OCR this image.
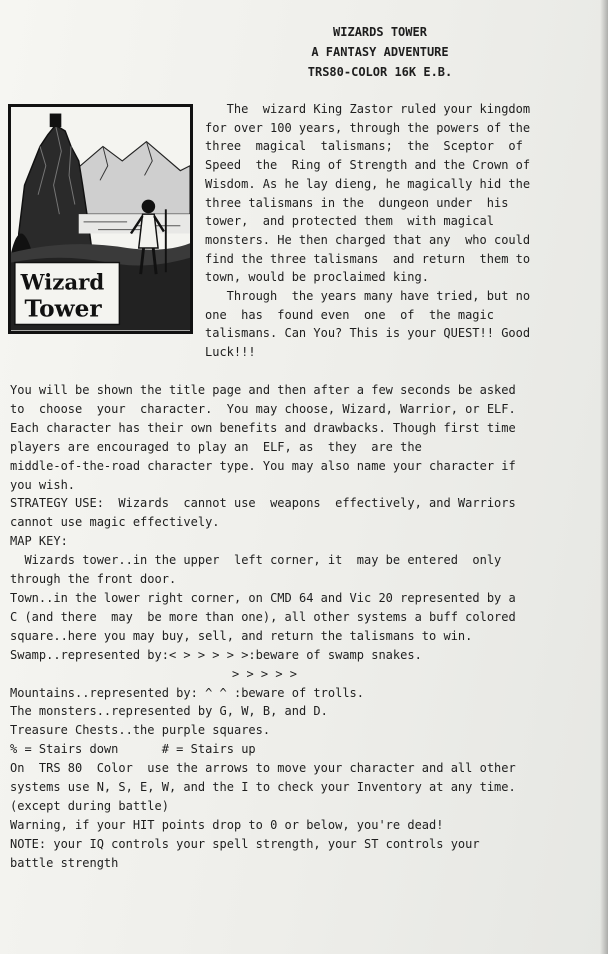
WIZARDS TOWER
A FANTASY ADVENTURE
TRS80-COLOR 16K E.B.
Wizard
Tower

The  wizard King Zastor ruled your kingdom

for over 100 years, through the powers of the

three  magical  talismans;  the  Sceptor  of

Speed  the  Ring of Strength and the Crown of

Wisdom. As he lay dieng, he magically hid the

three talismans in the  dungeon under  his

tower,  and protected them  with magical

monsters. He then charged that any  who could

find the three talismans  and return  them to

town, would be proclaimed king.

Through  the years many have tried, but no

one  has  found even  one  of  the magic

talismans. Can You? This is your QUEST!! Good

Luck!!!

You will be shown the title page and then after a few seconds be asked
to  choose  your  character.  You may choose, Wizard, Warrior, or ELF.
Each character has their own benefits and drawbacks. Though first time
players are encouraged to play an  ELF, as  they  are the
middle-of-the-road character type. You may also name your character if
you wish.
STRATEGY USE:  Wizards  cannot use  weapons  effectively, and Warriors
cannot use magic effectively.
MAP KEY:
Wizards tower..in the upper  left corner, it  may be entered  only
through the front door.
Town..in the lower right corner, on CMD 64 and Vic 20 represented by a
C (and there  may  be more than one), all other systems a buff colored
square..here you may buy, sell, and return the talismans to win.
Swamp..represented by:< > > > > >:beware of swamp snakes.
> > > > >
Mountains..represented by: ^ ^ :beware of trolls.
The monsters..represented by G, W, B, and D.
Treasure Chests..the purple squares.
% = Stairs down      # = Stairs up
On  TRS 80  Color  use the arrows to move your character and all other
systems use N, S, E, W, and the I to check your Inventory at any time.
(except during battle)
Warning, if your HIT points drop to 0 or below, you're dead!
NOTE: your IQ controls your spell strength, your ST controls your
battle strength
